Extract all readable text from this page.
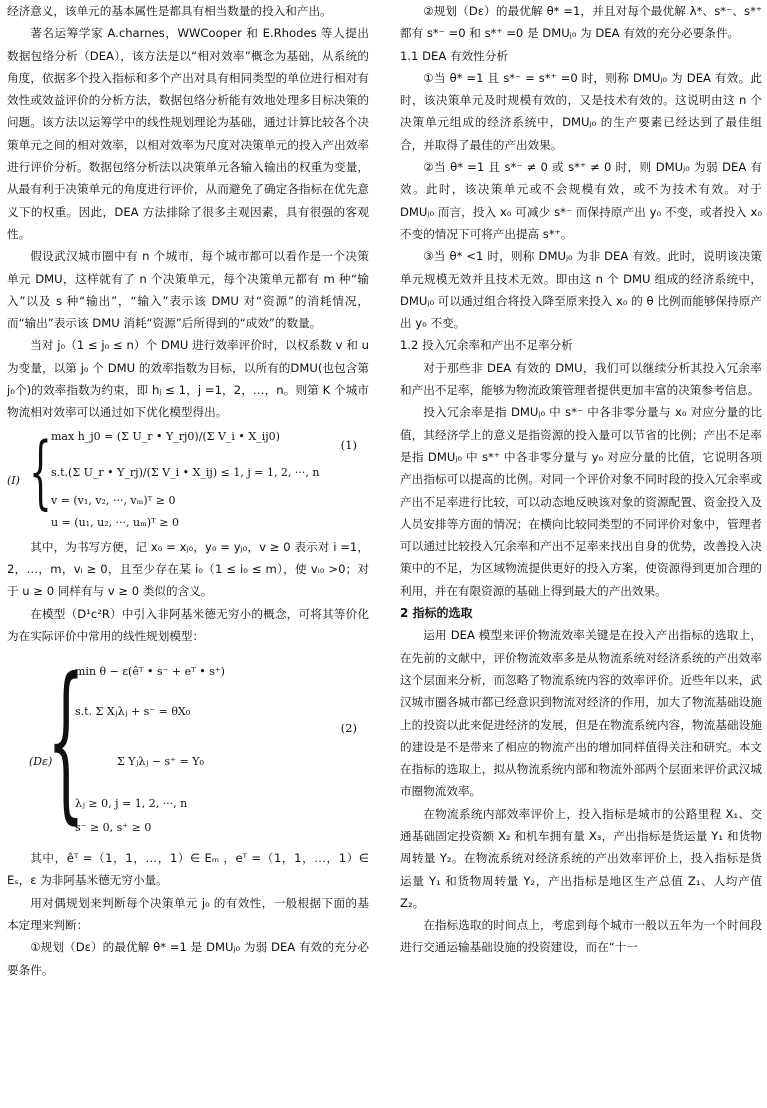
经济意义，该单元的基本属性是都具有相当数量的投入和产出。

著名运筹学家 A.charnes，WWCooper 和 E.Rhodes 等人提出数据包络分析（DEA），该方法是以“相对效率”概念为基础，从系统的角度，依据多个投入指标和多个产出对具有相同类型的单位进行相对有效性或效益评价的分析方法，数据包络分析能有效地处理多目标决策的问题。该方法以运筹学中的线性规划理论为基础，通过计算比较各个决策单元之间的相对效率，以相对效率为尺度对决策单元的投入产出效率进行评价分析。数据包络分析法以决策单元各输入输出的权重为变量，从最有利于决策单元的角度进行评价，从而避免了确定各指标在优先意义下的权重。因此，DEA 方法排除了很多主观因素，具有很强的客观性。

假设武汉城市圈中有 n 个城市，每个城市都可以看作是一个决策单元 DMU，这样就有了 n 个决策单元，每个决策单元都有 m 种“输入”以及 s 种“输出”，“输入”表示该 DMU 对“资源”的消耗情况，而“输出”表示该 DMU 消耗“资源”后所得到的“成效”的数量。

当对 j₀（1 ≤ j₀ ≤ n）个 DMU 进行效率评价时，以权系数 v 和 u 为变量，以第 j₀ 个 DMU 的效率指数为目标，以所有的DMU(也包含第 j₀个)的效率指数为约束，即 hⱼ ≤ 1，j =1，2，…，n。则第 K 个城市物流相对效率可以通过如下优化模型得出。

{
(I)
max h_j0 = (Σ U_r • Y_rj0)/(Σ V_i • X_ij0)
s.t.(Σ U_r • Y_rj)/(Σ V_i • X_ij) ≤ 1, j = 1, 2, ···, n
v = (v₁, v₂, ···, vₘ)ᵀ ≥ 0
u = (u₁, u₂, ···, uₘ)ᵀ ≥ 0
(1)

其中，为书写方便，记 x₀ = xⱼ₀，y₀ = yⱼ₀，v ≥ 0 表示对 i =1，2，…，m，vᵢ ≥ 0，且至少存在某 i₀（1 ≤ i₀ ≤ m），使 vᵢ₀ >0；对于 u ≥ 0 同样有与 v ≥ 0 类似的含义。

在模型（D¹c²R）中引入非阿基米德无穷小的概念，可将其等价化为在实际评价中常用的线性规划模型：

{
(Dε)
min θ − ε(êᵀ • s⁻ + eᵀ • s⁺)
s.t. Σ Xⱼλⱼ + s⁻ = θX₀
Σ Yⱼλⱼ − s⁺ = Y₀
λⱼ ≥ 0, j = 1, 2, ···, n
s⁻ ≥ 0, s⁺ ≥ 0
(2)

其中，êᵀ =（1，1，…，1）∈ Eₘ ，eᵀ =（1，1，…，1）∈ Eₛ，ε 为非阿基米德无穷小量。

用对偶规划来判断每个决策单元 j₀ 的有效性，一般根据下面的基本定理来判断：

①规划（Dε）的最优解 θ* =1 是 DMUⱼ₀ 为弱 DEA 有效的充分必要条件。

②规划（Dε）的最优解 θ* =1，并且对每个最优解 λ*、s*⁻、s*⁺ 都有 s*⁻ =0 和 s*⁺ =0 是 DMUⱼ₀ 为 DEA 有效的充分必要条件。

1.1 DEA 有效性分析

①当 θ* =1 且 s*⁻ = s*⁺ =0 时，则称 DMUⱼ₀ 为 DEA 有效。此时，该决策单元及时规模有效的，又是技术有效的。这说明由这 n 个决策单元组成的经济系统中，DMUⱼ₀ 的生产要素已经达到了最佳组合，并取得了最佳的产出效果。

②当 θ* =1 且 s*⁻ ≠ 0 或 s*⁺ ≠ 0 时，则 DMUⱼ₀ 为弱 DEA 有效。此时，该决策单元或不会规模有效，或不为技术有效。对于 DMUⱼ₀ 而言，投入 x₀ 可减少 s*⁻ 而保持原产出 y₀ 不变，或者投入 x₀ 不变的情况下可将产出提高 s*⁺。

③当 θ* <1 时，则称 DMUⱼ₀ 为非 DEA 有效。此时，说明该决策单元规模无效并且技术无效。即由这 n 个 DMU 组成的经济系统中，DMUⱼ₀ 可以通过组合将投入降至原来投入 x₀ 的 θ 比例而能够保持原产出 y₀ 不变。

1.2 投入冗余率和产出不足率分析

对于那些非 DEA 有效的 DMU，我们可以继续分析其投入冗余率和产出不足率，能够为物流政策管理者提供更加丰富的决策参考信息。

投入冗余率是指 DMUⱼ₀ 中 s*⁻ 中各非零分量与 x₀ 对应分量的比值，其经济学上的意义是指资源的投入量可以节省的比例；产出不足率是指 DMUⱼ₀ 中 s*⁺ 中各非零分量与 y₀ 对应分量的比值，它说明各项产出指标可以提高的比例。对同一个评价对象不同时段的投入冗余率或产出不足率进行比较，可以动态地反映该对象的资源配置、资金投入及人员安排等方面的情况；在横向比较同类型的不同评价对象中，管理者可以通过比较投入冗余率和产出不足率来找出自身的优势，改善投入决策中的不足，为区域物流提供更好的投入方案，使资源得到更加合理的利用，并在有限资源的基础上得到最大的产出效果。

2 指标的选取

运用 DEA 模型来评价物流效率关键是在投入产出指标的选取上，在先前的文献中，评价物流效率多是从物流系统对经济系统的产出效率这个层面来分析，而忽略了物流系统内容的效率评价。近些年以来，武汉城市圈各城市都已经意识到物流对经济的作用，加大了物流基础设施上的投资以此来促进经济的发展，但是在物流系统内容，物流基础设施的建设是不是带来了相应的物流产出的增加同样值得关注和研究。本文在指标的选取上，拟从物流系统内部和物流外部两个层面来评价武汉城市圈物流效率。

在物流系统内部效率评价上，投入指标是城市的公路里程 X₁、交通基础固定投资额 X₂ 和机车拥有量 X₃，产出指标是货运量 Y₁ 和货物周转量 Y₂。在物流系统对经济系统的产出效率评价上，投入指标是货运量 Y₁ 和货物周转量 Y₂，产出指标是地区生产总值 Z₁、人均产值 Z₂。

在指标选取的时间点上，考虑到每个城市一般以五年为一个时间段进行交通运输基础设施的投资建设，而在“十一
